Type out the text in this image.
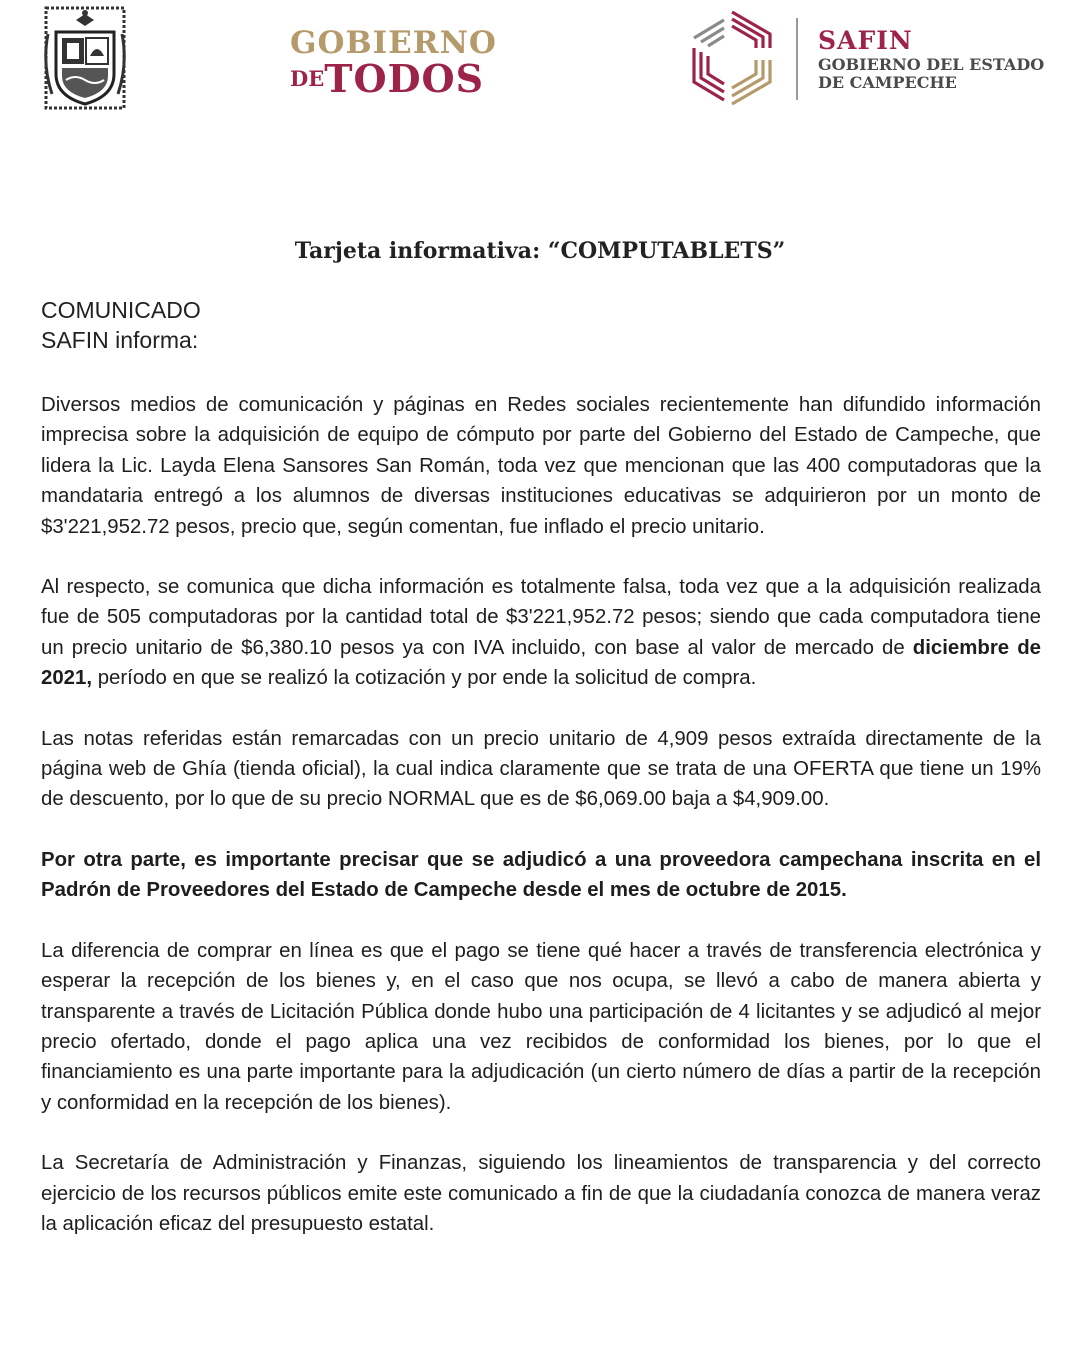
GOBIERNO
DETODOS
SAFIN
GOBIERNO DEL ESTADO
DE CAMPECHE
Tarjeta informativa: “COMPUTABLETS”
COMUNICADO
SAFIN informa:

Diversos medios de comunicación y páginas en Redes sociales recientemente han difundido información imprecisa sobre la adquisición de equipo de cómputo por parte del Gobierno del Estado de Campeche, que lidera la Lic. Layda Elena Sansores San Román, toda vez que mencionan que las 400 computadoras que la mandataria entregó a los alumnos de diversas instituciones educativas se adquirieron por un monto de $3'221,952.72 pesos, precio que, según comentan, fue inflado el precio unitario.

Al respecto, se comunica que dicha información es totalmente falsa, toda vez que a la adquisición realizada fue de 505 computadoras por la cantidad total de $3'221,952.72 pesos; siendo que cada computadora tiene un precio unitario de $6,380.10 pesos ya con IVA incluido, con base al valor de mercado de diciembre de 2021, período en que se realizó la cotización y por ende la solicitud de compra.

Las notas referidas están remarcadas con un precio unitario de 4,909 pesos extraída directamente de la página web de Ghía (tienda oficial), la cual indica claramente que se trata de una OFERTA que tiene un 19% de descuento, por lo que de su precio NORMAL que es de $6,069.00 baja a $4,909.00.

Por otra parte, es importante precisar que se adjudicó a una proveedora campechana inscrita en el Padrón de Proveedores del Estado de Campeche desde el mes de octubre de 2015.

La diferencia de comprar en línea es que el pago se tiene qué hacer a través de transferencia electrónica y esperar la recepción de los bienes y, en el caso que nos ocupa, se llevó a cabo de manera abierta y transparente a través de Licitación Pública donde hubo una participación de 4 licitantes y se adjudicó al mejor precio ofertado, donde el pago aplica una vez recibidos de conformidad los bienes, por lo que el financiamiento es una parte importante para la adjudicación (un cierto número de días a partir de la recepción y conformidad en la recepción de los bienes).

La Secretaría de Administración y Finanzas, siguiendo los lineamientos de transparencia y del correcto ejercicio de los recursos públicos emite este comunicado a fin de que la ciudadanía conozca de manera veraz la aplicación eficaz del presupuesto estatal.
